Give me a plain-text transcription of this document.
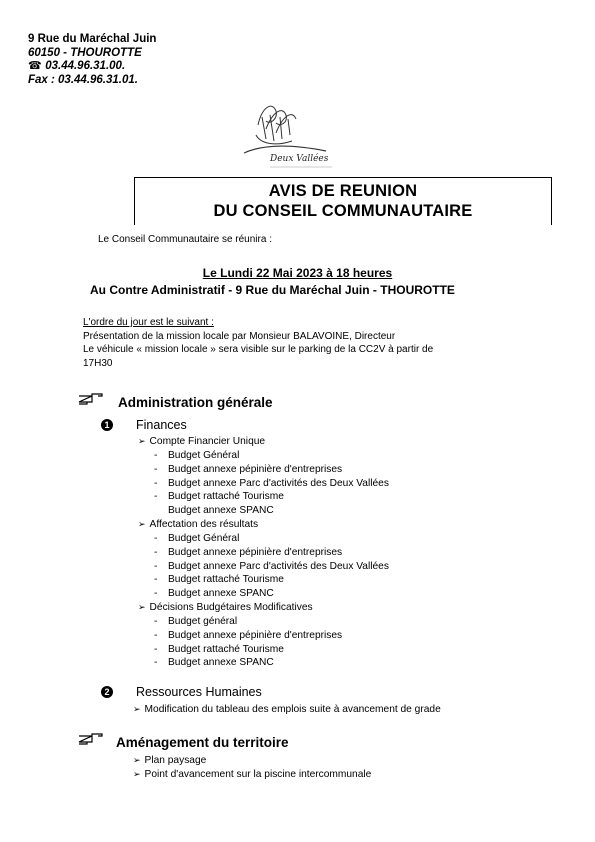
9 Rue du Maréchal Juin
60150 - THOUROTTE
☎ 03.44.96.31.00.
Fax : 03.44.96.31.01.
Deux Vallées
AVIS DE REUNION
DU CONSEIL COMMUNAUTAIRE
Le Conseil Communautaire se réunira :
Le Lundi 22 Mai 2023 à 18 heures
Au Contre Administratif - 9 Rue du Maréchal Juin - THOUROTTE
L'ordre du jour est le suivant :
Présentation de la mission locale par Monsieur BALAVOINE, Directeur
Le véhicule « mission locale » sera visible sur le parking de la CC2V à partir de
17H30
Administration générale
1 Finances
➢ Compte Financier Unique
- Budget Général
- Budget annexe pépinière d'entreprises
- Budget annexe Parc d'activités des Deux Vallées
- Budget rattaché Tourisme
Budget annexe SPANC
➢ Affectation des résultats
- Budget Général
- Budget annexe pépinière d'entreprises
- Budget annexe Parc d'activités des Deux Vallées
- Budget rattaché Tourisme
- Budget annexe SPANC
➢ Décisions Budgétaires Modificatives
- Budget général
- Budget annexe pépinière d'entreprises
- Budget rattaché Tourisme
- Budget annexe SPANC
2 Ressources Humaines
➢ Modification du tableau des emplois suite à avancement de grade
Aménagement du territoire
➢ Plan paysage
➢ Point d'avancement sur la piscine intercommunale
